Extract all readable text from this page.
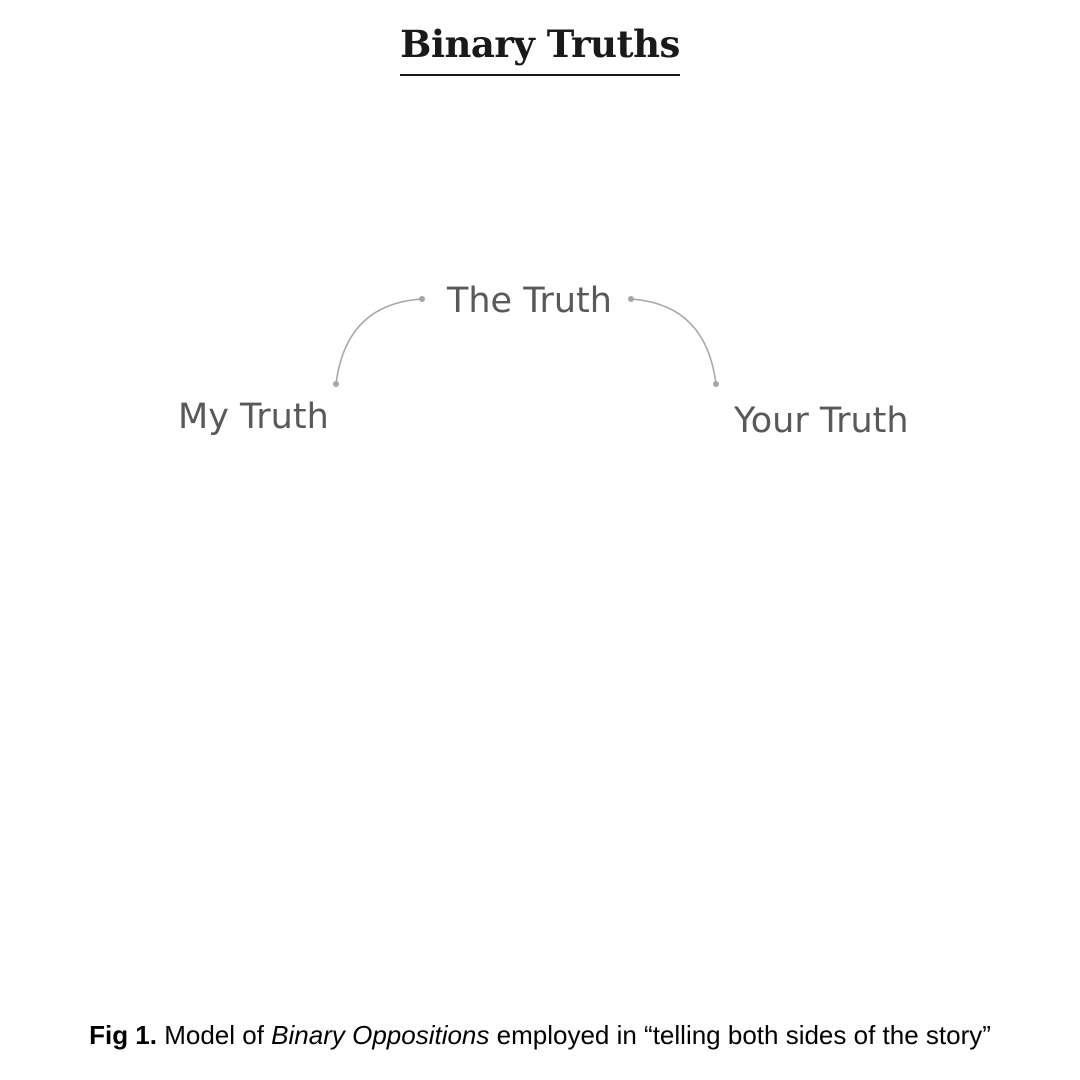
Binary Truths
The Truth
My Truth	Your Truth
Fig 1. Model of Binary Oppositions employed in “telling both sides of the story”
